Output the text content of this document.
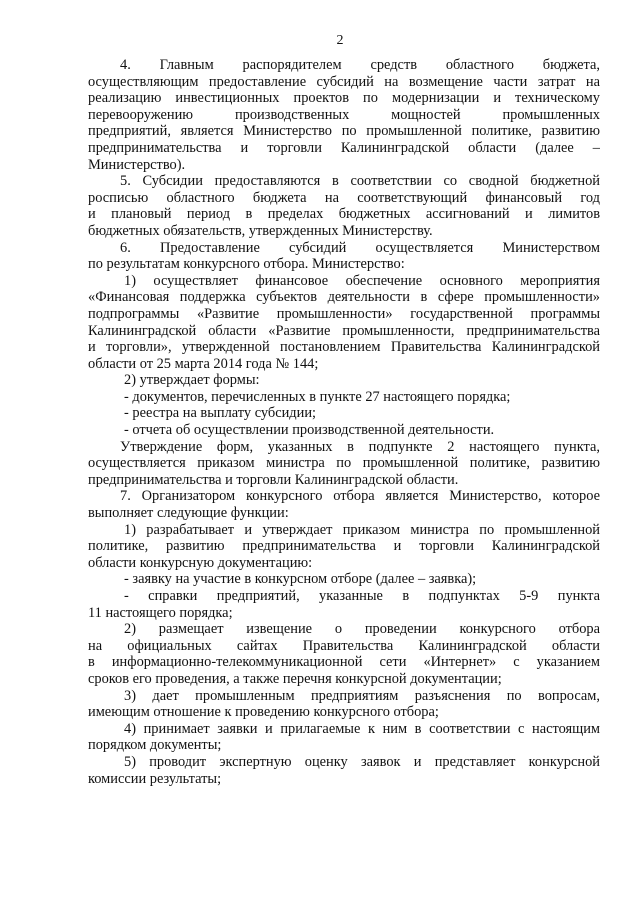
2
4. Главным распорядителем средств областного бюджета,
осуществляющим предоставление субсидий на возмещение части затрат на
реализацию инвестиционных проектов по модернизации и техническому
перевооружению производственных мощностей промышленных
предприятий, является Министерство по промышленной политике, развитию
предпринимательства и торговли Калининградской области (далее –
Министерство).
5. Субсидии предоставляются в соответствии со сводной бюджетной
росписью областного бюджета на соответствующий финансовый год
и плановый период в пределах бюджетных ассигнований и лимитов
бюджетных обязательств, утвержденных Министерству.
6. Предоставление субсидий осуществляется Министерством
по результатам конкурсного отбора. Министерство:
1) осуществляет финансовое обеспечение основного мероприятия
«Финансовая поддержка субъектов деятельности в сфере промышленности»
подпрограммы «Развитие промышленности» государственной программы
Калининградской области «Развитие промышленности, предпринимательства
и торговли», утвержденной постановлением Правительства Калининградской
области от 25 марта 2014 года № 144;
2) утверждает формы:
- документов, перечисленных в пункте 27 настоящего порядка;
- реестра на выплату субсидии;
- отчета об осуществлении производственной деятельности.
Утверждение форм, указанных в подпункте 2 настоящего пункта,
осуществляется приказом министра по промышленной политике, развитию
предпринимательства и торговли Калининградской области.
7. Организатором конкурсного отбора является Министерство, которое
выполняет следующие функции:
1) разрабатывает и утверждает приказом министра по промышленной
политике, развитию предпринимательства и торговли Калининградской
области конкурсную документацию:
- заявку на участие в конкурсном отборе (далее – заявка);
- справки предприятий, указанные в подпунктах 5-9 пункта
11 настоящего порядка;
2) размещает извещение о проведении конкурсного отбора
на официальных сайтах Правительства Калининградской области
в информационно-телекоммуникационной сети «Интернет» с указанием
сроков его проведения, а также перечня конкурсной документации;
3) дает промышленным предприятиям разъяснения по вопросам,
имеющим отношение к проведению конкурсного отбора;
4) принимает заявки и прилагаемые к ним в соответствии с настоящим
порядком документы;
5) проводит экспертную оценку заявок и представляет конкурсной
комиссии результаты;
